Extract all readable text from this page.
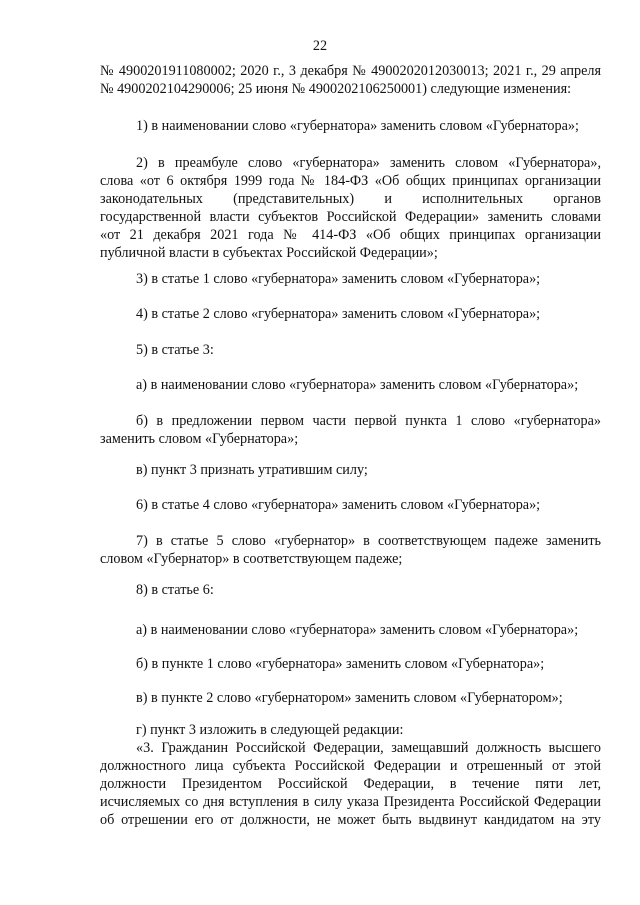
22
№ 4900201911080002; 2020 г., 3 декабря № 4900202012030013; 2021 г., 29 апреля
№ 4900202104290006; 25 июня № 4900202106250001) следующие изменения:
1) в наименовании слово «губернатора» заменить словом «Губернатора»;
2) в преамбуле слово «губернатора» заменить словом «Губернатора»,
слова «от 6 октября 1999 года № 184-ФЗ «Об общих принципах организации
законодательных (представительных) и исполнительных органов
государственной власти субъектов Российской Федерации» заменить словами
«от 21 декабря 2021 года № 414-ФЗ «Об общих принципах организации
публичной власти в субъектах Российской Федерации»;
3) в статье 1 слово «губернатора» заменить словом «Губернатора»;
4) в статье 2 слово «губернатора» заменить словом «Губернатора»;
5) в статье 3:
а) в наименовании слово «губернатора» заменить словом «Губернатора»;
б) в предложении первом части первой пункта 1 слово «губернатора»
заменить словом «Губернатора»;
в) пункт 3 признать утратившим силу;
6) в статье 4 слово «губернатора» заменить словом «Губернатора»;
7) в статье 5 слово «губернатор» в соответствующем падеже заменить
словом «Губернатор» в соответствующем падеже;
8) в статье 6:
а) в наименовании слово «губернатора» заменить словом «Губернатора»;
б) в пункте 1 слово «губернатора» заменить словом «Губернатора»;
в) в пункте 2 слово «губернатором» заменить словом «Губернатором»;
г) пункт 3 изложить в следующей редакции:
«3. Гражданин Российской Федерации, замещавший должность высшего
должностного лица субъекта Российской Федерации и отрешенный от этой
должности Президентом Российской Федерации, в течение пяти лет,
исчисляемых со дня вступления в силу указа Президента Российской Федерации
об отрешении его от должности, не может быть выдвинут кандидатом на эту
